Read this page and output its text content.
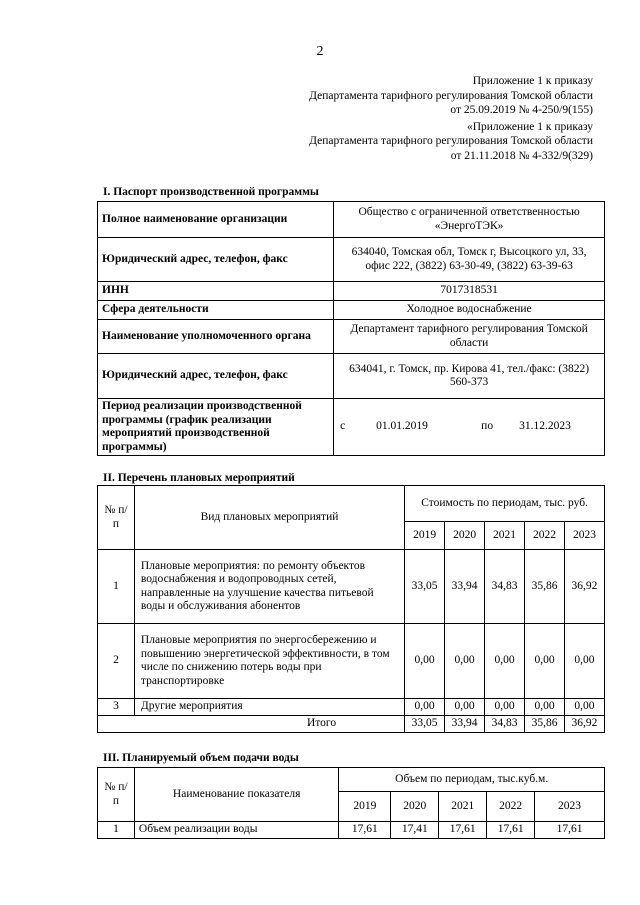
2
Приложение 1 к приказу
Департамента тарифного регулирования Томской области
от 25.09.2019 № 4-250/9(155)
«Приложение 1 к приказу
Департамента тарифного регулирования Томской области
от 21.11.2018 № 4-332/9(329)
I. Паспорт производственной программы
Полное наименование организации	Общество с ограниченной ответственностью «ЭнергоТЭК»
Юридический адрес, телефон, факс	634040, Томская обл, Томск г, Высоцкого ул, 33, офис 222, (3822) 63-30-49, (3822) 63-39-63
ИНН	7017318531
Сфера деятельности	Холодное водоснабжение
Наименование уполномоченного органа	Департамент тарифного регулирования Томской области
Юридический адрес, телефон, факс	634041, г. Томск, пр. Кирова 41, тел./факс: (3822) 560-373
Период реализации производственной программы (график реализации мероприятий производственной программы)	с 01.01.2019 по 31.12.2023
II. Перечень плановых мероприятий
№ п/п	Вид плановых мероприятий	Стоимость по периодам, тыс. руб.				
		2019	2020	2021	2022	2023
1	Плановые мероприятия: по ремонту объектов водоснабжения и водопроводных сетей, направленные на улучшение качества питьевой воды и обслуживания абонентов	33,05	33,94	34,83	35,86	36,92
2	Плановые мероприятия по энергосбережению и повышению энергетической эффективности, в том числе по снижению потерь воды при транспортировке	0,00	0,00	0,00	0,00	0,00
3	Другие мероприятия	0,00	0,00	0,00	0,00	0,00
	Итого	33,05	33,94	34,83	35,86	36,92
III. Планируемый объем подачи воды
№ п/п	Наименование показателя	Объем по периодам, тыс.куб.м.				
		2019	2020	2021	2022	2023
1	Объем реализации воды	17,61	17,41	17,61	17,61	17,61
